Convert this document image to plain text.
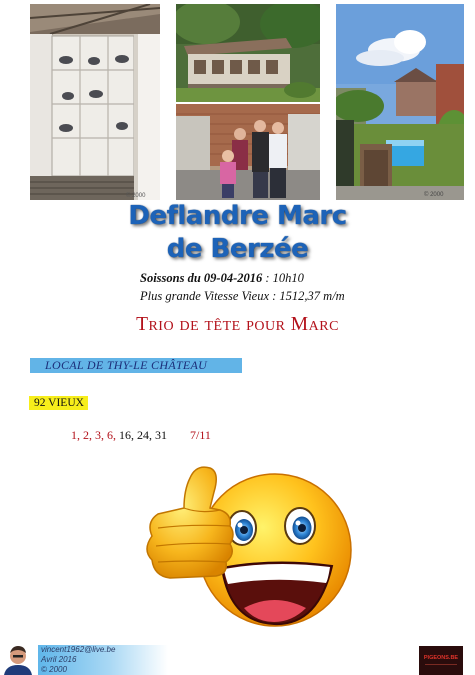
© 2000	© 2000
Deflandre Marc
de Berzée
Soissons du 09-04-2016 : 10h10
Plus grande Vitesse Vieux : 1512,37 m/m
Trio de tête pour Marc
LOCAL DE THY-LE CHÂTEAU
92 VIEUX
1, 2, 3, 6, 16, 24, 31 7/11
vincent1962@live.be
Avril 2016
© 2000
PIGEONS.BE
